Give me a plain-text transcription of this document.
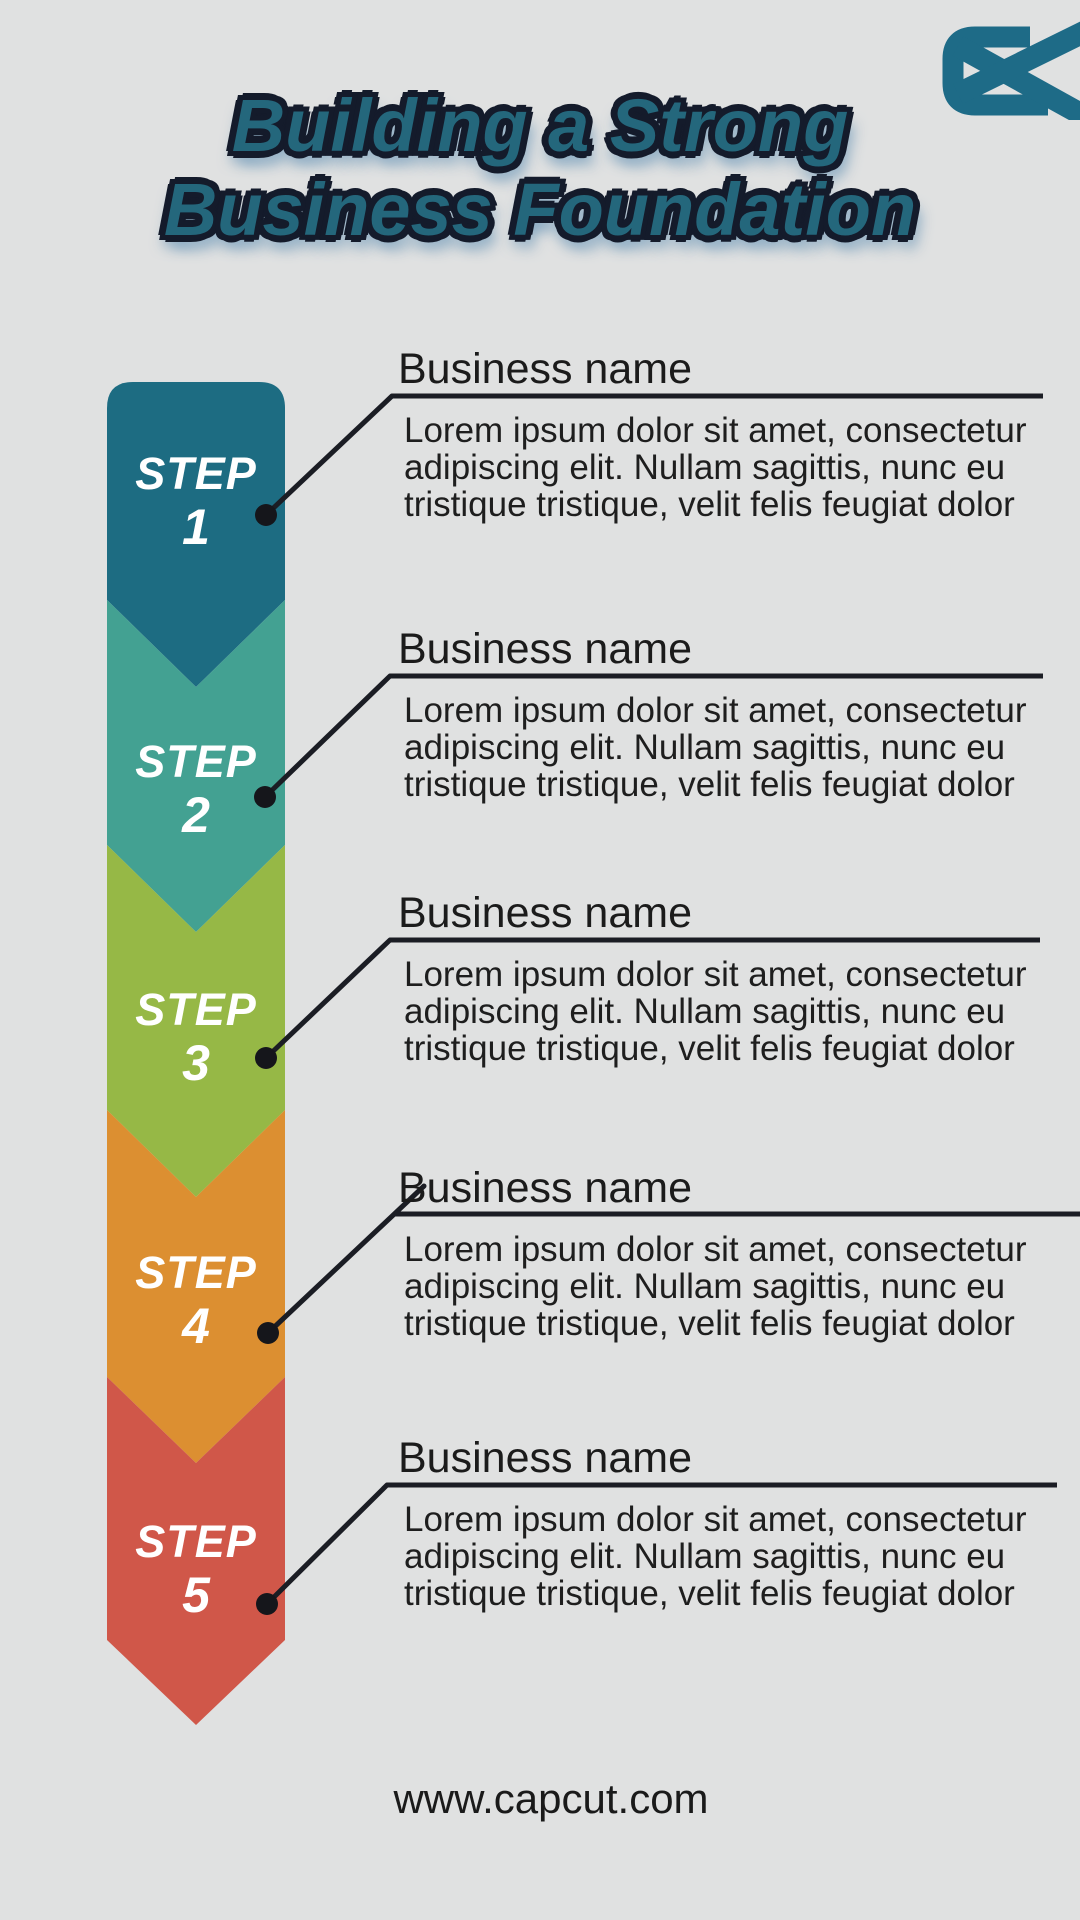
Building a Strong Building a Strong
Business Foundation Business Foundation
STEP
1
STEP
2
STEP
3
STEP
4
STEP
5
Business name
Lorem ipsum dolor sit amet, consectetur
adipiscing elit. Nullam sagittis, nunc eu
tristique tristique, velit felis feugiat dolor
Business name
Lorem ipsum dolor sit amet, consectetur
adipiscing elit. Nullam sagittis, nunc eu
tristique tristique, velit felis feugiat dolor
Business name
Lorem ipsum dolor sit amet, consectetur
adipiscing elit. Nullam sagittis, nunc eu
tristique tristique, velit felis feugiat dolor
Business name
Lorem ipsum dolor sit amet, consectetur
adipiscing elit. Nullam sagittis, nunc eu
tristique tristique, velit felis feugiat dolor
Business name
Lorem ipsum dolor sit amet, consectetur
adipiscing elit. Nullam sagittis, nunc eu
tristique tristique, velit felis feugiat dolor
www.capcut.com
